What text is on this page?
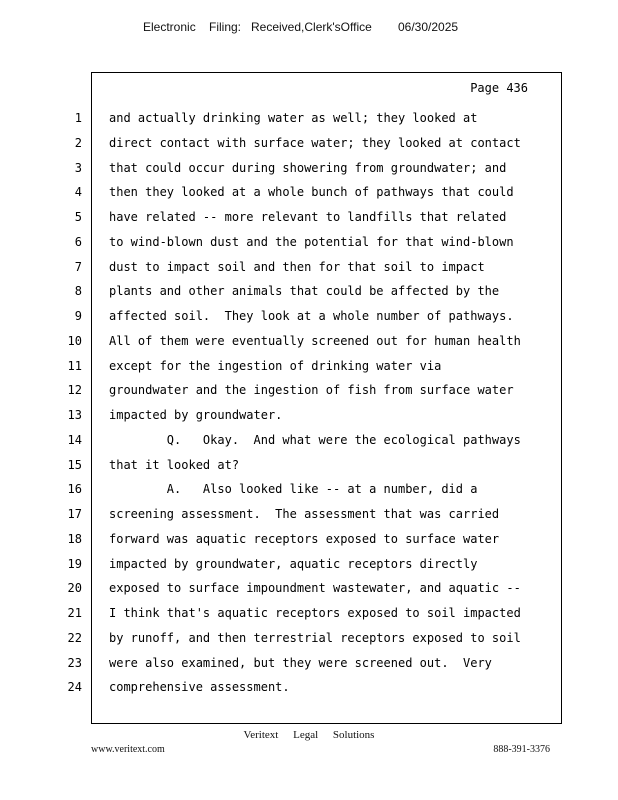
Electronic Filing: Received,Clerk'sOffice 06/30/2025
Page 436
1 and actually drinking water as well; they looked at
2 direct contact with surface water; they looked at contact
3 that could occur during showering from groundwater; and
4 then they looked at a whole bunch of pathways that could
5 have related -- more relevant to landfills that related
6 to wind-blown dust and the potential for that wind-blown
7 dust to impact soil and then for that soil to impact
8 plants and other animals that could be affected by the
9 affected soil.  They look at a whole number of pathways.
10 All of them were eventually screened out for human health
11 except for the ingestion of drinking water via
12 groundwater and the ingestion of fish from surface water
13 impacted by groundwater.
14 Q.   Okay.  And what were the ecological pathways
15 that it looked at?
16 A.   Also looked like -- at a number, did a
17 screening assessment.  The assessment that was carried
18 forward was aquatic receptors exposed to surface water
19 impacted by groundwater, aquatic receptors directly
20 exposed to surface impoundment wastewater, and aquatic --
21 I think that's aquatic receptors exposed to soil impacted
22 by runoff, and then terrestrial receptors exposed to soil
23 were also examined, but they were screened out.  Very
24 comprehensive assessment.
Veritext Legal Solutions
www.veritext.com	888-391-3376
